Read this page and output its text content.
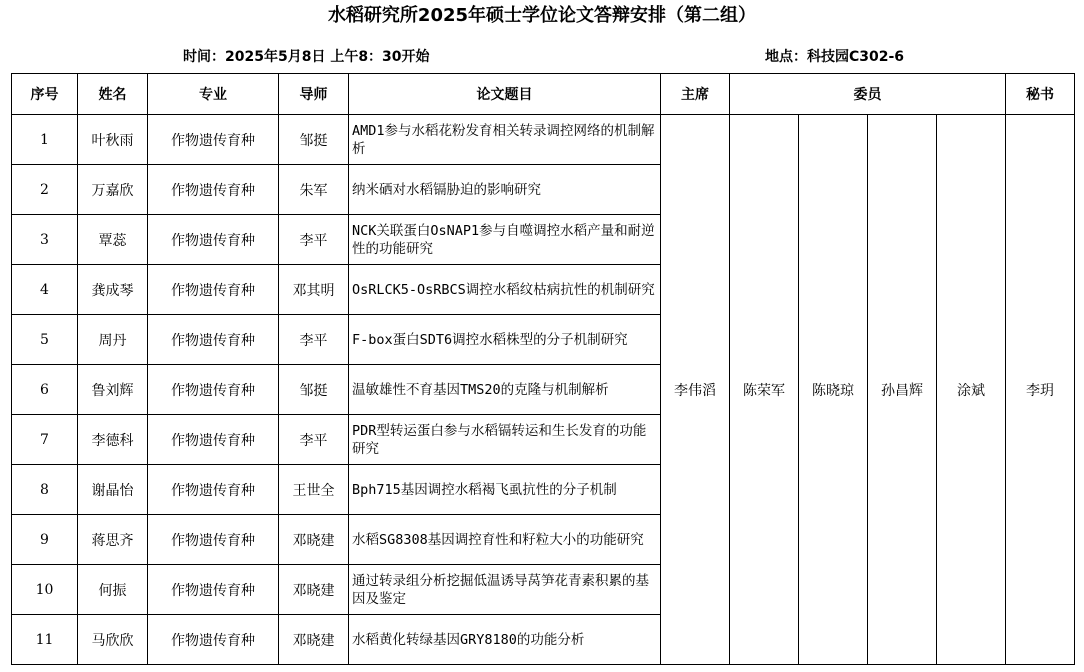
水稻研究所2025年硕士学位论文答辩安排（第二组）
时间：2025年5月8日 上午8：30开始	地点：科技园C302-6
序号	姓名	专业	导师	论文题目	主席	委员				秘书
1	叶秋雨	作物遗传育种	邹挺	AMD1参与水稻花粉发育相关转录调控网络的机制解析	李伟滔	陈荣军	陈晓琼	孙昌辉	涂斌	李玥
2	万嘉欣	作物遗传育种	朱军	纳米硒对水稻镉胁迫的影响研究						

3	覃蕊	作物遗传育种	李平	NCK关联蛋白OsNAP1参与自噬调控水稻产量和耐逆性的功能研究						

4	龚成琴	作物遗传育种	邓其明	OsRLCK5-OsRBCS调控水稻纹枯病抗性的机制研究						

5	周丹	作物遗传育种	李平	F-box蛋白SDT6调控水稻株型的分子机制研究						

6	鲁刘辉	作物遗传育种	邹挺	温敏雄性不育基因TMS20的克隆与机制解析						

7	李德科	作物遗传育种	李平	PDR型转运蛋白参与水稻镉转运和生长发育的功能研究						

8	谢晶怡	作物遗传育种	王世全	Bph715基因调控水稻褐飞虱抗性的分子机制						

9	蒋思齐	作物遗传育种	邓晓建	水稻SG8308基因调控育性和籽粒大小的功能研究						

10	何振	作物遗传育种	邓晓建	通过转录组分析挖掘低温诱导莴笋花青素积累的基因及鉴定						

11	马欣欣	作物遗传育种	邓晓建	水稻黄化转绿基因GRY8180的功能分析						
